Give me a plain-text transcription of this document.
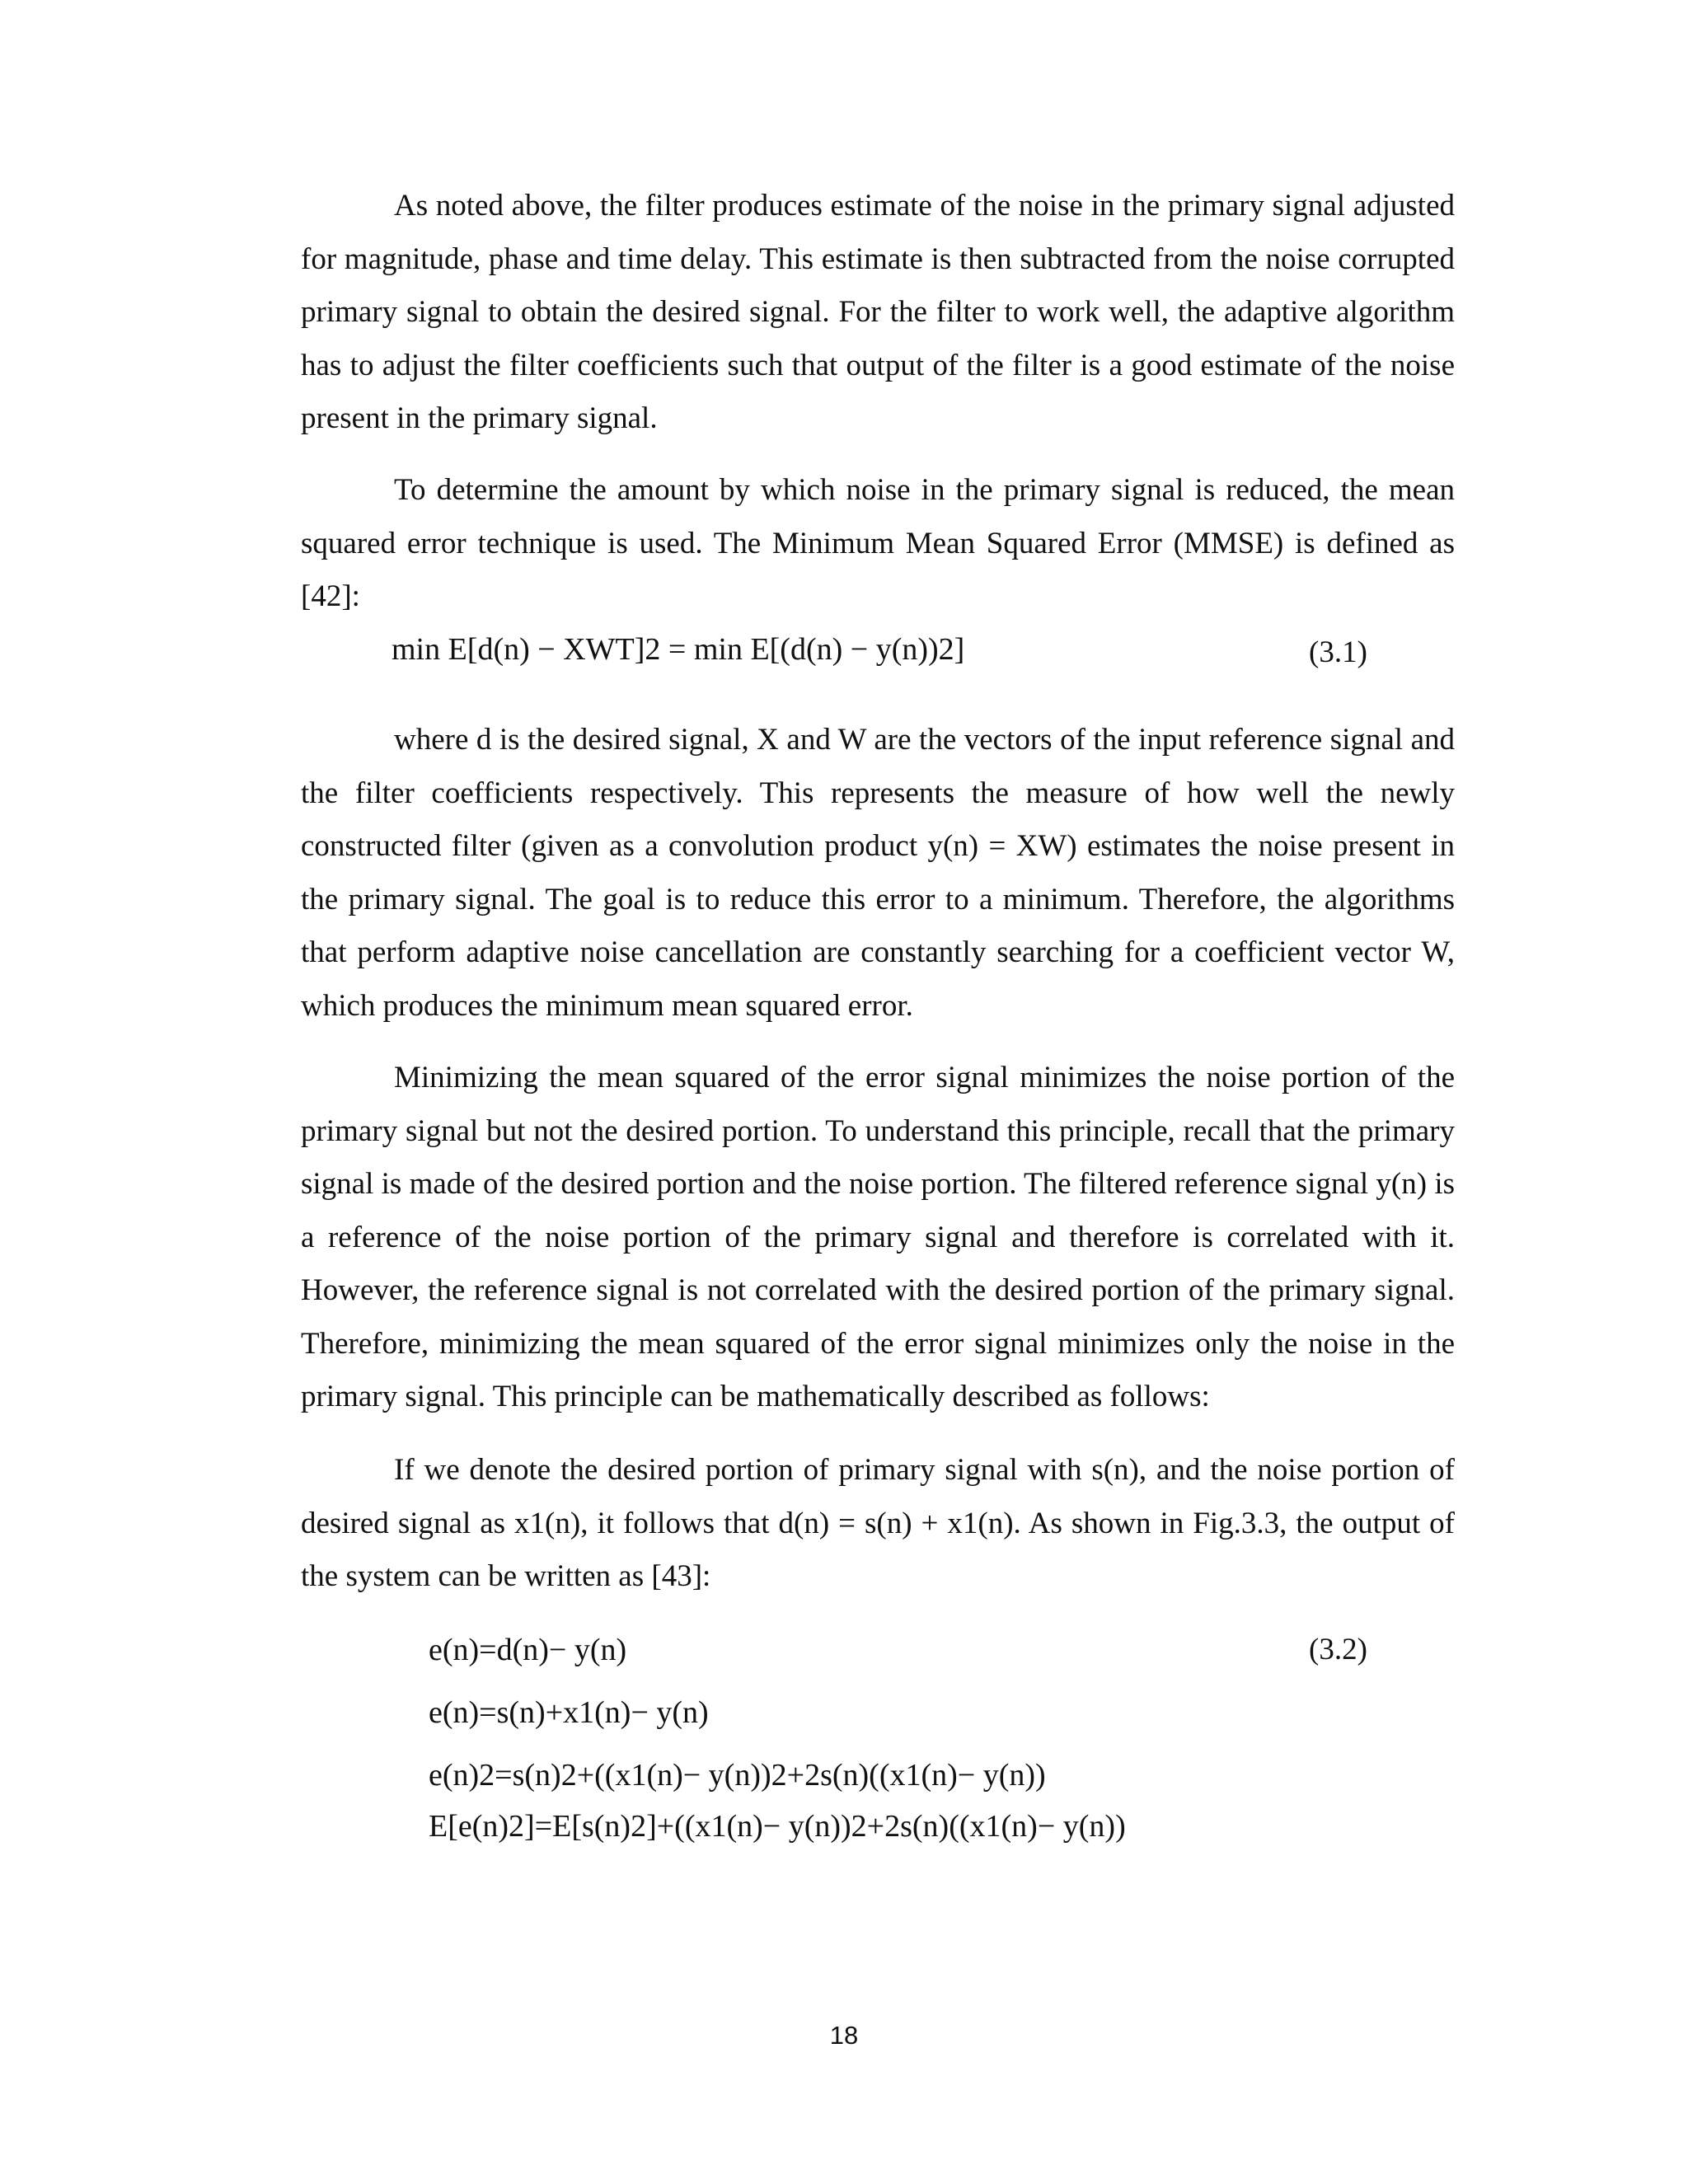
As noted above, the filter produces estimate of the noise in the primary signal adjusted for magnitude, phase and time delay. This estimate is then subtracted from the noise corrupted primary signal to obtain the desired signal. For the filter to work well, the adaptive algorithm has to adjust the filter coefficients such that output of the filter is a good estimate of the noise present in the primary signal.

To determine the amount by which noise in the primary signal is reduced, the mean squared error technique is used. The Minimum Mean Squared Error (MMSE) is defined as [42]:

min E[d(n) − XWT]2 = min E[(d(n) − y(n))2]	(3.1)

where d is the desired signal, X and W are the vectors of the input reference signal and the filter coefficients respectively. This represents the measure of how well the newly constructed filter (given as a convolution product y(n) = XW) estimates the noise present in the primary signal. The goal is to reduce this error to a minimum. Therefore, the algorithms that perform adaptive noise cancellation are constantly searching for a coefficient vector W, which produces the minimum mean squared error.

Minimizing the mean squared of the error signal minimizes the noise portion of the primary signal but not the desired portion. To understand this principle, recall that the primary signal is made of the desired portion and the noise portion. The filtered reference signal y(n) is a reference of the noise portion of the primary signal and therefore is correlated with it. However, the reference signal is not correlated with the desired portion of the primary signal. Therefore, minimizing the mean squared of the error signal minimizes only the noise in the primary signal. This principle can be mathematically described as follows:

If we denote the desired portion of primary signal with s(n), and the noise portion of desired signal as x1(n), it follows that d(n) = s(n) + x1(n). As shown in Fig.3.3, the output of the system can be written as [43]:

e(n)=d(n)− y(n)	(3.2)
e(n)=s(n)+x1(n)− y(n)
e(n)2=s(n)2+((x1(n)− y(n))2+2s(n)((x1(n)− y(n))
E[e(n)2]=E[s(n)2]+((x1(n)− y(n))2+2s(n)((x1(n)− y(n))
18
